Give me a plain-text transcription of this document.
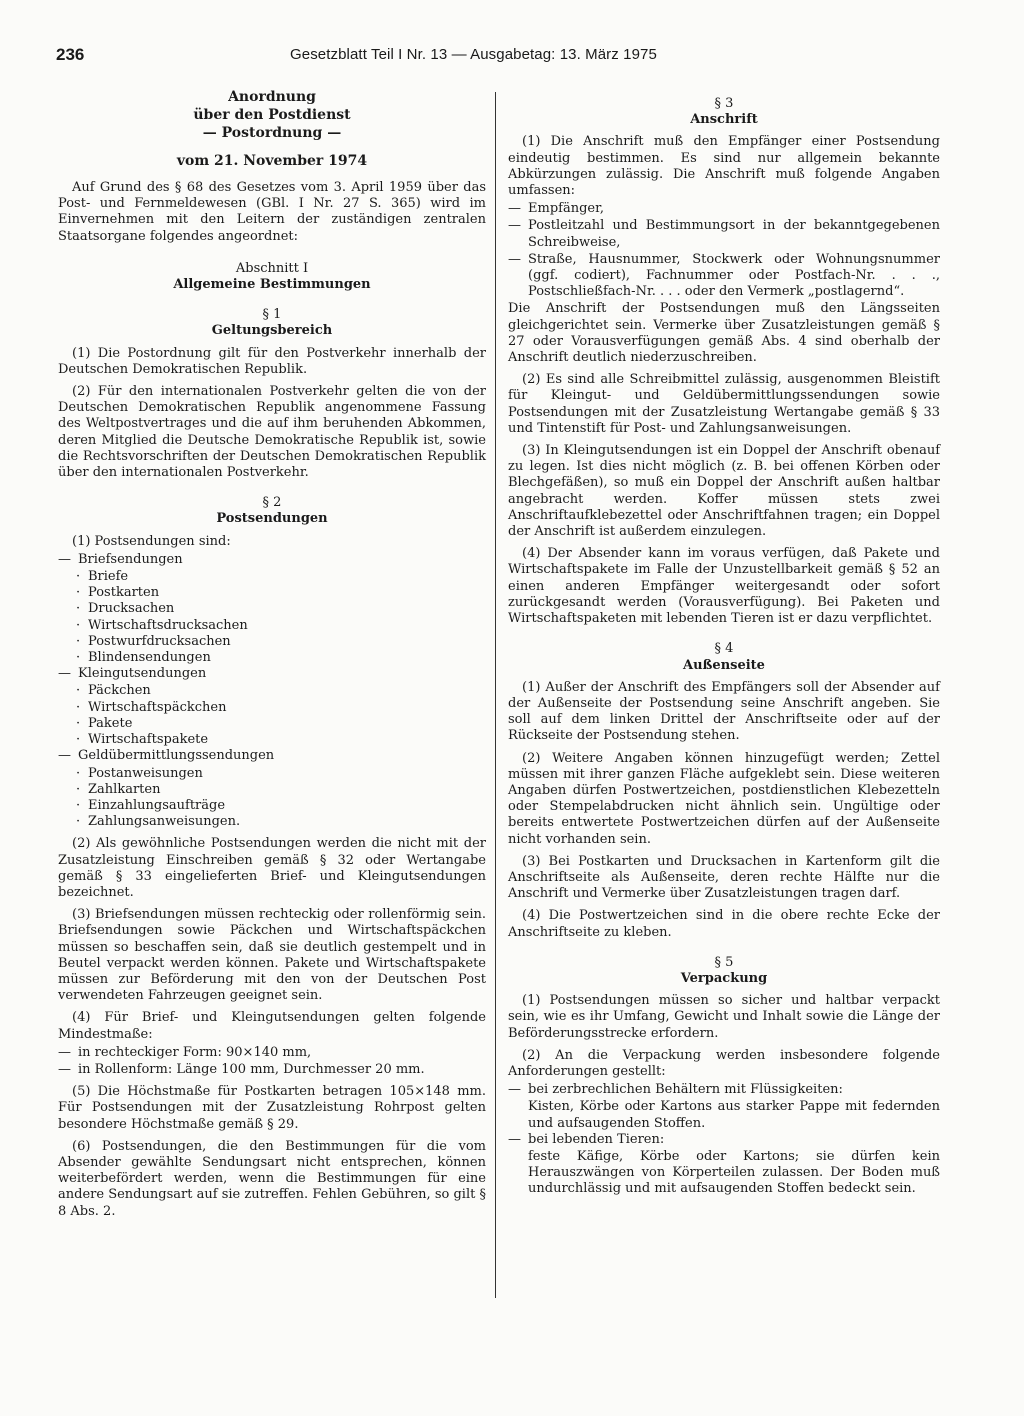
236	Gesetzblatt Teil I Nr. 13 — Ausgabetag: 13. März 1975
Anordnung
über den Postdienst
— Postordnung —
vom 21. November 1974

Auf Grund des § 68 des Gesetzes vom 3. April 1959 über das Post- und Fernmeldewesen (GBl. I Nr. 27 S. 365) wird im Einvernehmen mit den Leitern der zuständigen zentralen Staatsorgane folgendes angeordnet:

Abschnitt I
Allgemeine Bestimmungen
§ 1
Geltungsbereich

(1) Die Postordnung gilt für den Postverkehr innerhalb der Deutschen Demokratischen Republik.

(2) Für den internationalen Postverkehr gelten die von der Deutschen Demokratischen Republik angenommene Fassung des Weltpostvertrages und die auf ihm beruhenden Abkommen, deren Mitglied die Deutsche Demokratische Republik ist, sowie die Rechtsvorschriften der Deutschen Demokratischen Republik über den internationalen Postverkehr.

§ 2
Postsendungen
(1) Postsendungen sind:
— Briefsendungen
· Briefe
· Postkarten
· Drucksachen
· Wirtschaftsdrucksachen
· Postwurfdrucksachen
· Blindensendungen
— Kleingutsendungen
· Päckchen
· Wirtschaftspäckchen
· Pakete
· Wirtschaftspakete
— Geldübermittlungssendungen
· Postanweisungen
· Zahlkarten
· Einzahlungsaufträge
· Zahlungsanweisungen.

(2) Als gewöhnliche Postsendungen werden die nicht mit der Zusatzleistung Einschreiben gemäß § 32 oder Wertangabe gemäß § 33 eingelieferten Brief- und Kleingutsendungen bezeichnet.

(3) Briefsendungen müssen rechteckig oder rollenförmig sein. Briefsendungen sowie Päckchen und Wirtschaftspäckchen müssen so beschaffen sein, daß sie deutlich gestempelt und in Beutel verpackt werden können. Pakete und Wirtschaftspakete müssen zur Beförderung mit den von der Deutschen Post verwendeten Fahrzeugen geeignet sein.

(4) Für Brief- und Kleingutsendungen gelten folgende Mindestmaße:

— in rechteckiger Form: 90×140 mm,
— in Rollenform: Länge 100 mm, Durchmesser 20 mm.

(5) Die Höchstmaße für Postkarten betragen 105×148 mm. Für Postsendungen mit der Zusatzleistung Rohrpost gelten besondere Höchstmaße gemäß § 29.

(6) Postsendungen, die den Bestimmungen für die vom Absender gewählte Sendungsart nicht entsprechen, können weiterbefördert werden, wenn die Bestimmungen für eine andere Sendungsart auf sie zutreffen. Fehlen Gebühren, so gilt § 8 Abs. 2.

§ 3
Anschrift

(1) Die Anschrift muß den Empfänger einer Postsendung eindeutig bestimmen. Es sind nur allgemein bekannte Abkürzungen zulässig. Die Anschrift muß folgende Angaben umfassen:

— Empfänger,
— Postleitzahl und Bestimmungsort in der bekanntgegebenen Schreibweise,
— Straße, Hausnummer, Stockwerk oder Wohnungsnummer (ggf. codiert), Fachnummer oder Postfach-Nr. . . ., Postschließfach-Nr. . . . oder den Vermerk „postlagernd“.

Die Anschrift der Postsendungen muß den Längsseiten gleichgerichtet sein. Vermerke über Zusatzleistungen gemäß § 27 oder Vorausverfügungen gemäß Abs. 4 sind oberhalb der Anschrift deutlich niederzuschreiben.

(2) Es sind alle Schreibmittel zulässig, ausgenommen Bleistift für Kleingut- und Geldübermittlungssendungen sowie Postsendungen mit der Zusatzleistung Wertangabe gemäß § 33 und Tintenstift für Post- und Zahlungsanweisungen.

(3) In Kleingutsendungen ist ein Doppel der Anschrift obenauf zu legen. Ist dies nicht möglich (z. B. bei offenen Körben oder Blechgefäßen), so muß ein Doppel der Anschrift außen haltbar angebracht werden. Koffer müssen stets zwei Anschriftaufklebezettel oder Anschriftfahnen tragen; ein Doppel der Anschrift ist außerdem einzulegen.

(4) Der Absender kann im voraus verfügen, daß Pakete und Wirtschaftspakete im Falle der Unzustellbarkeit gemäß § 52 an einen anderen Empfänger weitergesandt oder sofort zurückgesandt werden (Vorausverfügung). Bei Paketen und Wirtschaftspaketen mit lebenden Tieren ist er dazu verpflichtet.

§ 4
Außenseite

(1) Außer der Anschrift des Empfängers soll der Absender auf der Außenseite der Postsendung seine Anschrift angeben. Sie soll auf dem linken Drittel der Anschriftseite oder auf der Rückseite der Postsendung stehen.

(2) Weitere Angaben können hinzugefügt werden; Zettel müssen mit ihrer ganzen Fläche aufgeklebt sein. Diese weiteren Angaben dürfen Postwertzeichen, postdienstlichen Klebezetteln oder Stempelabdrucken nicht ähnlich sein. Ungültige oder bereits entwertete Postwertzeichen dürfen auf der Außenseite nicht vorhanden sein.

(3) Bei Postkarten und Drucksachen in Kartenform gilt die Anschriftseite als Außenseite, deren rechte Hälfte nur die Anschrift und Vermerke über Zusatzleistungen tragen darf.

(4) Die Postwertzeichen sind in die obere rechte Ecke der Anschriftseite zu kleben.

§ 5
Verpackung

(1) Postsendungen müssen so sicher und haltbar verpackt sein, wie es ihr Umfang, Gewicht und Inhalt sowie die Länge der Beförderungsstrecke erfordern.

(2) An die Verpackung werden insbesondere folgende Anforderungen gestellt:

— bei zerbrechlichen Behältern mit Flüssigkeiten:
Kisten, Körbe oder Kartons aus starker Pappe mit federnden und aufsaugenden Stoffen.
— bei lebenden Tieren:
feste Käfige, Körbe oder Kartons; sie dürfen kein Herauszwängen von Körperteilen zulassen. Der Boden muß undurchlässig und mit aufsaugenden Stoffen bedeckt sein.
